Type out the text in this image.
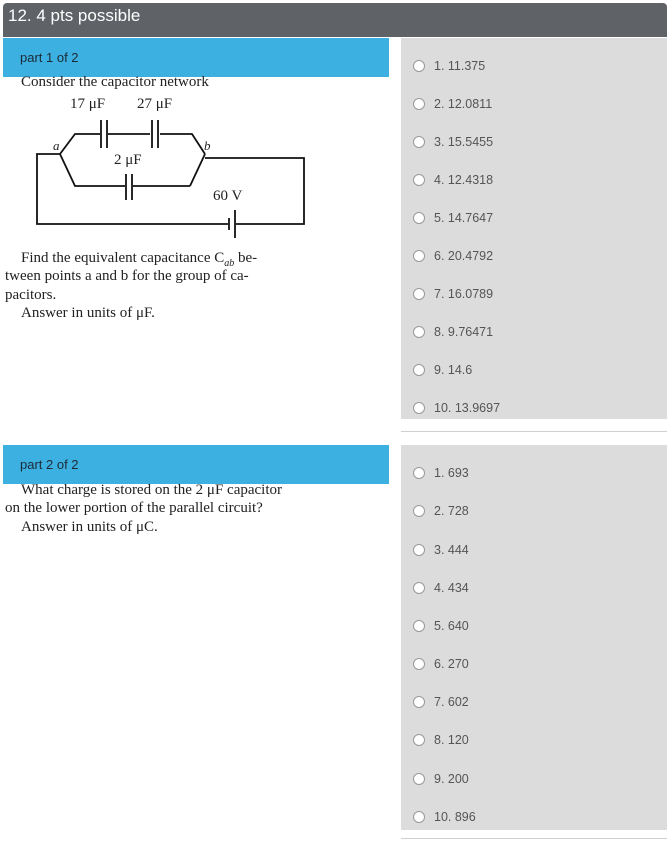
12. 4 pts possible
part 1 of 2
Consider the capacitor network
17 μF 27 μF
2 μF
60 V
a	b
Find the equivalent capacitance $C_{ab}$ be-
tween points a and b for the group of ca-
pacitors.
Answer in units of μF.
1. 11.375
2. 12.0811
3. 15.5455
4. 12.4318
5. 14.7647
6. 20.4792
7. 16.0789
8. 9.76471
9. 14.6
10. 13.9697
part 2 of 2
What charge is stored on the 2 μF capacitor
on the lower portion of the parallel circuit?
Answer in units of μC.
1. 693
2. 728
3. 444
4. 434
5. 640
6. 270
7. 602
8. 120
9. 200
10. 896
